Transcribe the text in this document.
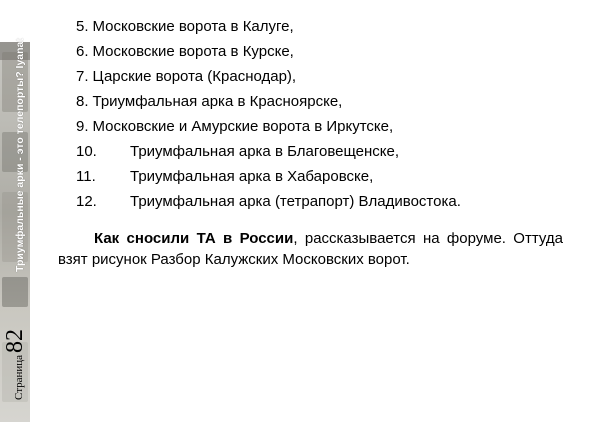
Триумфальные арки - это телепорты? Iyanat
Страница
82
5. Московские ворота в Калуге,
6. Московские ворота в Курске,
7. Царские ворота (Краснодар),
8. Триумфальная арка в Красноярске,
9. Московские и Амурские ворота в Иркутске,
10.	Триумфальная арка в Благовещенске,
11.	Триумфальная арка в Хабаровске,
12.	Триумфальная арка (тетрапорт) Владивостока.

Как сносили ТА в России, рассказывается на форуме. Оттуда взят рисунок Разбор Калужских Московских ворот.
